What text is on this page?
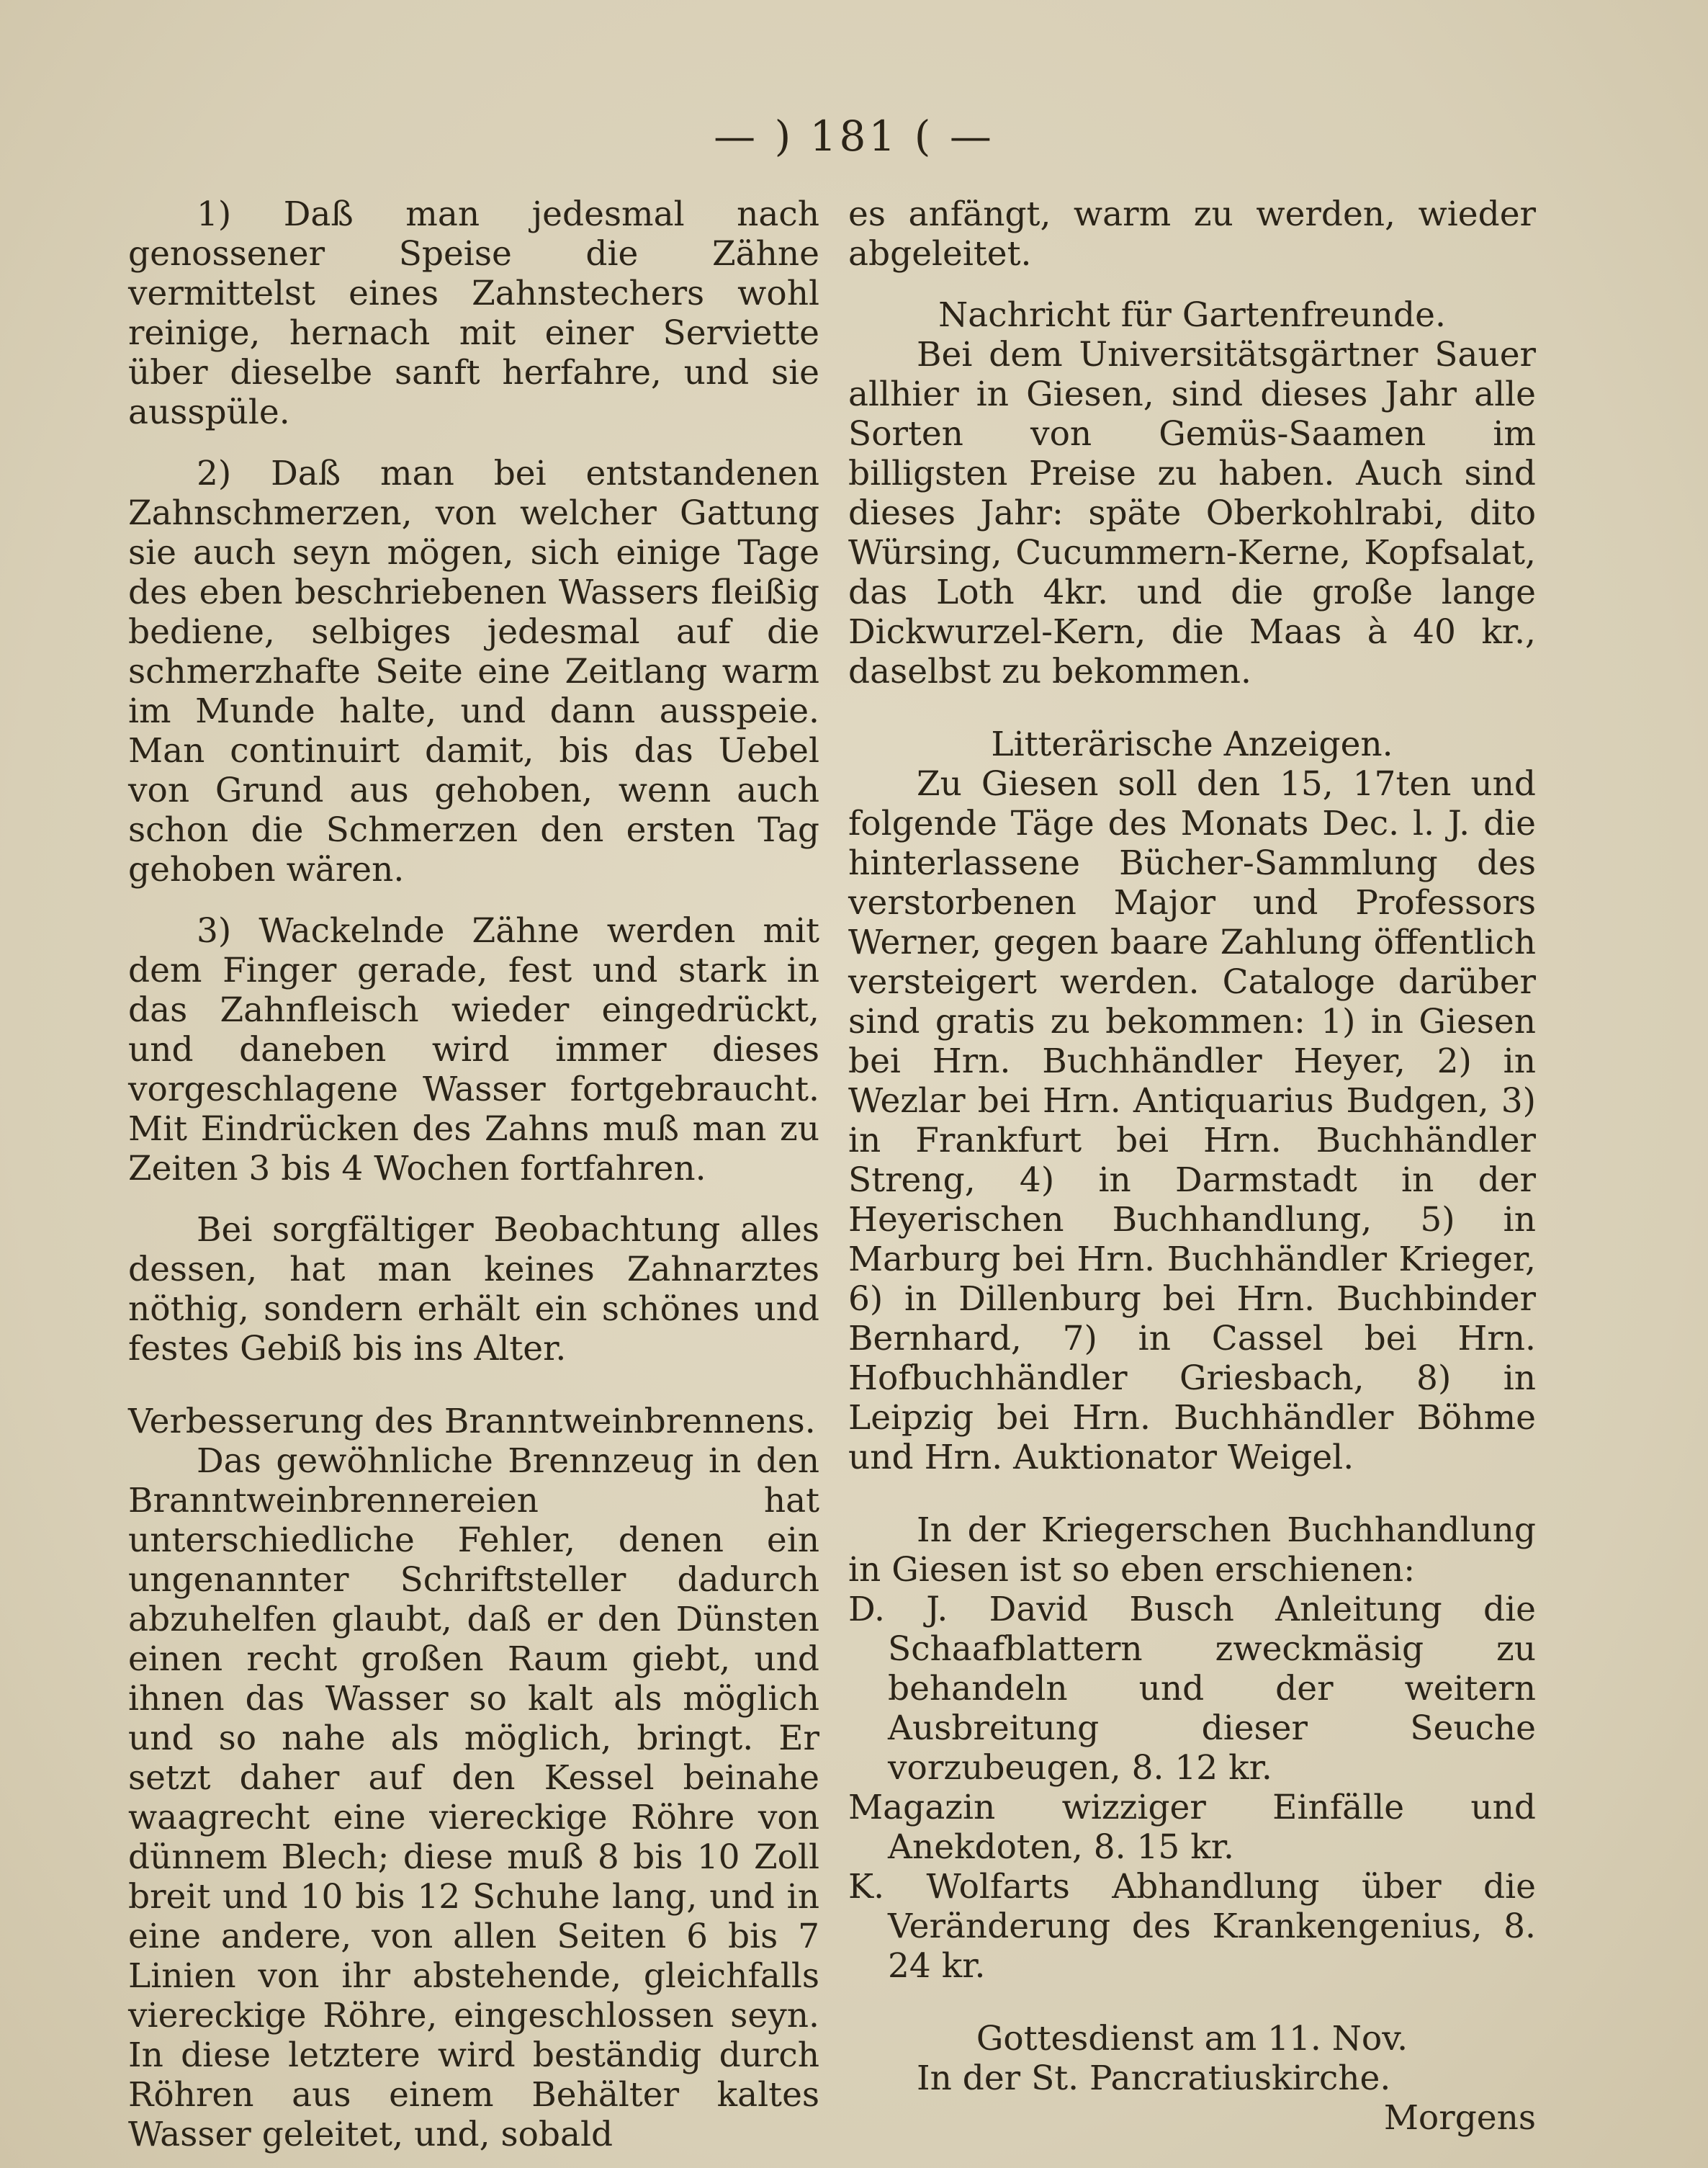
— ) 181 ( —

1) Daß man jedesmal nach genossener Speise die Zähne vermittelst eines Zahnstechers wohl reinige, hernach mit einer Serviette über dieselbe sanft herfahre, und sie ausspüle.

2) Daß man bei entstandenen Zahnschmerzen, von welcher Gattung sie auch seyn mögen, sich einige Tage des eben beschriebenen Wassers fleißig bediene, selbiges jedesmal auf die schmerzhafte Seite eine Zeitlang warm im Munde halte, und dann ausspeie. Man continuirt damit, bis das Uebel von Grund aus gehoben, wenn auch schon die Schmerzen den ersten Tag gehoben wären.

3) Wackelnde Zähne werden mit dem Finger gerade, fest und stark in das Zahnfleisch wieder eingedrückt, und daneben wird immer dieses vorgeschlagene Wasser fortgebraucht. Mit Eindrücken des Zahns muß man zu Zeiten 3 bis 4 Wochen fortfahren.

Bei sorgfältiger Beobachtung alles dessen, hat man keines Zahnarztes nöthig, sondern erhält ein schönes und festes Gebiß bis ins Alter.

Verbesserung des Branntweinbrennens.

Das gewöhnliche Brennzeug in den Branntweinbrennereien hat unterschiedliche Fehler, denen ein ungenannter Schriftsteller dadurch abzuhelfen glaubt, daß er den Dünsten einen recht großen Raum giebt, und ihnen das Wasser so kalt als möglich und so nahe als möglich, bringt. Er setzt daher auf den Kessel beinahe waagrecht eine viereckige Röhre von dünnem Blech; diese muß 8 bis 10 Zoll breit und 10 bis 12 Schuhe lang, und in eine andere, von allen Seiten 6 bis 7 Linien von ihr abstehende, gleichfalls viereckige Röhre, eingeschlossen seyn. In diese letztere wird beständig durch Röhren aus einem Behälter kaltes Wasser geleitet, und, sobald

es anfängt, warm zu werden, wieder abgeleitet.

Nachricht für Gartenfreunde.

Bei dem Universitätsgärtner Sauer allhier in Giesen, sind dieses Jahr alle Sorten von Gemüs-Saamen im billigsten Preise zu haben. Auch sind dieses Jahr: späte Oberkohlrabi, dito Würsing, Cucummern-Kerne, Kopfsalat, das Loth 4kr. und die große lange Dickwurzel-Kern, die Maas à 40 kr., daselbst zu bekommen.

Litterärische Anzeigen.

Zu Giesen soll den 15, 17ten und folgende Täge des Monats Dec. l. J. die hinterlassene Bücher-Sammlung des verstorbenen Major und Professors Werner, gegen baare Zahlung öffentlich versteigert werden. Cataloge darüber sind gratis zu bekommen: 1) in Giesen bei Hrn. Buchhändler Heyer, 2) in Wezlar bei Hrn. Antiquarius Budgen, 3) in Frankfurt bei Hrn. Buchhändler Streng, 4) in Darmstadt in der Heyerischen Buchhandlung, 5) in Marburg bei Hrn. Buchhändler Krieger, 6) in Dillenburg bei Hrn. Buchbinder Bernhard, 7) in Cassel bei Hrn. Hofbuchhändler Griesbach, 8) in Leipzig bei Hrn. Buchhändler Böhme und Hrn. Auktionator Weigel.

In der Kriegerschen Buchhandlung in Giesen ist so eben erschienen:

D. J. David Busch Anleitung die Schaafblattern zweckmäsig zu behandeln und der weitern Ausbreitung dieser Seuche vorzubeugen, 8. 12 kr.

Magazin wizziger Einfälle und Anekdoten, 8. 15 kr.

K. Wolfarts Abhandlung über die Veränderung des Krankengenius, 8. 24 kr.

Gottesdienst am 11. Nov.

In der St. Pancratiuskirche.

Morgens
